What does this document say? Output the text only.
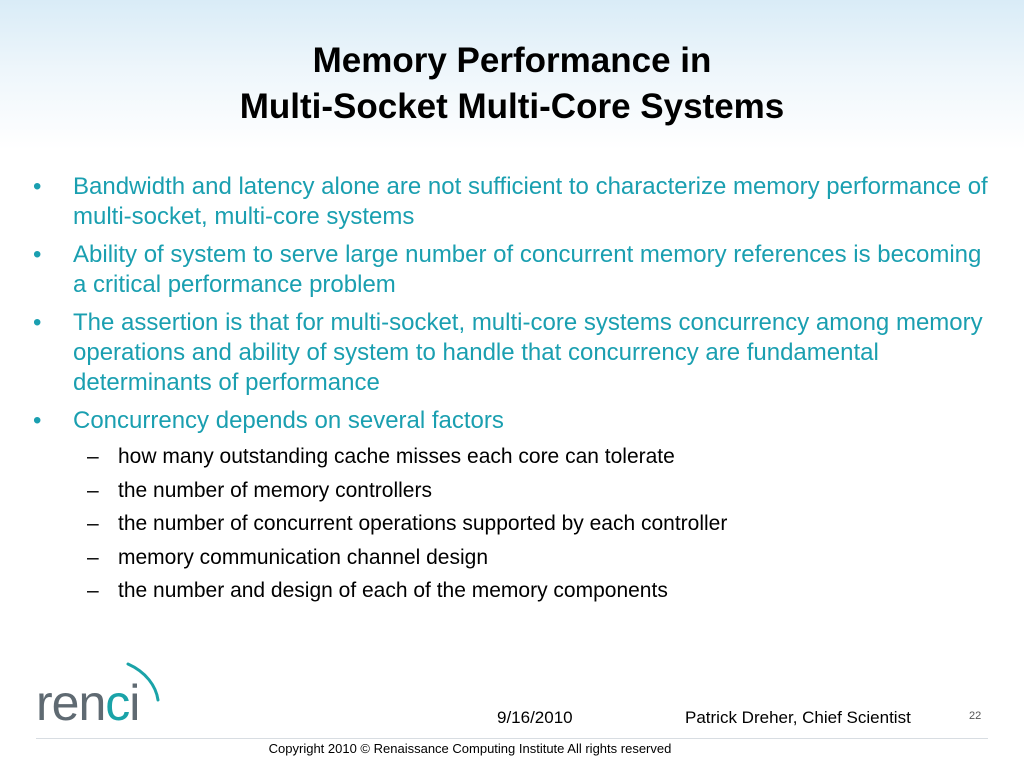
Memory Performance in
Multi-Socket Multi-Core Systems
• Bandwidth and latency alone are not sufficient to characterize memory performance of multi-socket, multi-core systems
• Ability of system to serve large number of concurrent memory references is becoming a critical performance problem
• The assertion is that for multi-socket, multi-core systems concurrency among memory operations and ability of system to handle that concurrency are fundamental determinants of performance
• Concurrency depends on several factors
– how many outstanding cache misses each core can tolerate
– the number of memory controllers
– the number of concurrent operations supported by each controller
– memory communication channel design
– the number and design of each of the memory components
renci	9/16/2010	Patrick Dreher, Chief Scientist	22
Copyright 2010 © Renaissance Computing Institute All rights reserved
